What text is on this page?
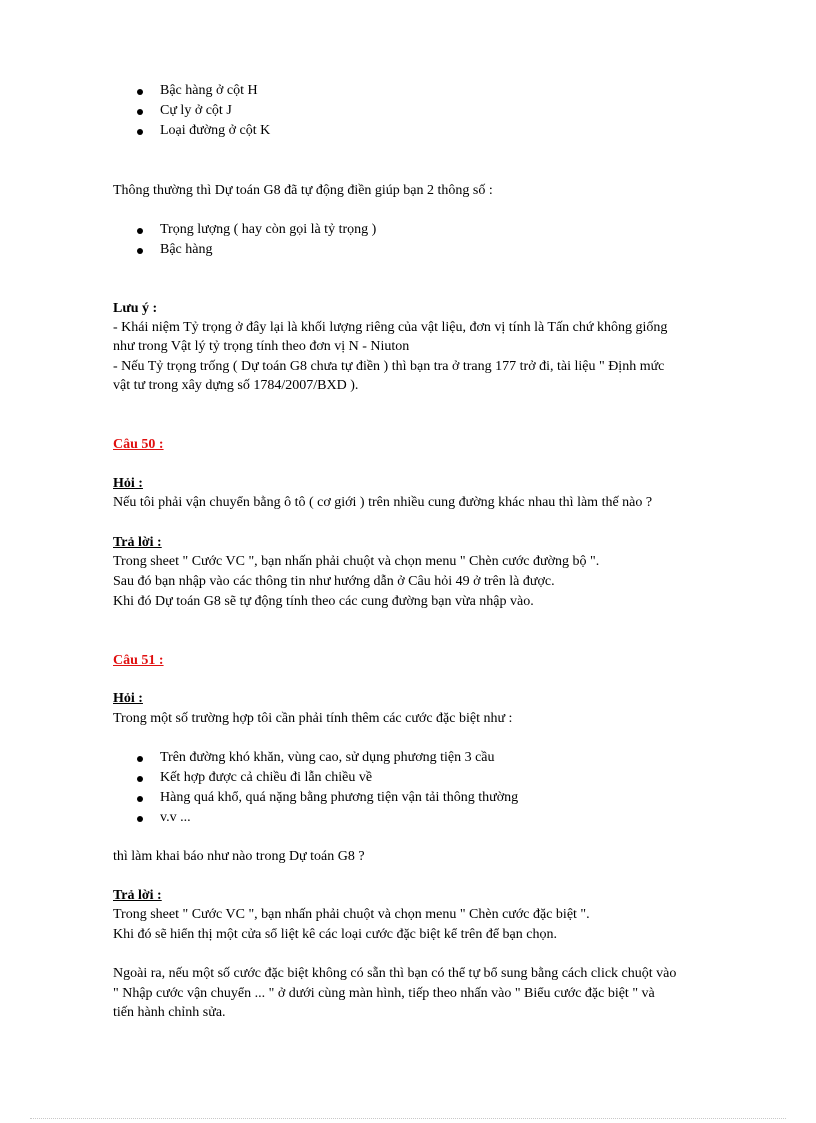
Bậc hàng ở cột H
Cự ly ở cột J
Loại đường ở cột K
Thông thường thì Dự toán G8 đã tự động điền giúp bạn 2 thông số :
Trọng lượng ( hay còn gọi là tỷ trọng )
Bậc hàng
Lưu ý :
- Khái niệm Tỷ trọng ở đây lại là khối lượng riêng của vật liệu, đơn vị tính là Tấn chứ không giống
như trong Vật lý tỷ trọng tính theo đơn vị N - Niuton
- Nếu Tỷ trọng trống ( Dự toán G8 chưa tự điền ) thì bạn tra ở trang 177 trở đi, tài liệu " Định mức
vật tư trong xây dựng số 1784/2007/BXD ).
Câu 50 :
Hỏi :
Nếu tôi phải vận chuyển bằng ô tô ( cơ giới ) trên nhiều cung đường khác nhau thì làm thế nào ?
Trả lời :
Trong sheet " Cước VC ", bạn nhấn phải chuột và chọn menu " Chèn cước đường bộ ".
Sau đó bạn nhập vào các thông tin như hướng dẫn ở Câu hỏi 49 ở trên là được.
Khi đó Dự toán G8 sẽ tự động tính theo các cung đường bạn vừa nhập vào.
Câu 51 :
Hỏi :
Trong một số trường hợp tôi cần phải tính thêm các cước đặc biệt như :
Trên đường khó khăn, vùng cao, sử dụng phương tiện 3 cầu
Kết hợp được cả chiều đi lẫn chiều về
Hàng quá khổ, quá nặng bằng phương tiện vận tải thông thường
v.v ...
thì làm khai báo như nào trong Dự toán G8 ?
Trả lời :
Trong sheet " Cước VC ", bạn nhấn phải chuột và chọn menu " Chèn cước đặc biệt ".
Khi đó sẽ hiển thị một cửa sổ liệt kê các loại cước đặc biệt kể trên để bạn chọn.
Ngoài ra, nếu một số cước đặc biệt không có sẵn thì bạn có thể tự bổ sung bằng cách click chuột vào
" Nhập cước vận chuyển ... " ở dưới cùng màn hình, tiếp theo nhấn vào " Biểu cước đặc biệt " và
tiến hành chỉnh sửa.
